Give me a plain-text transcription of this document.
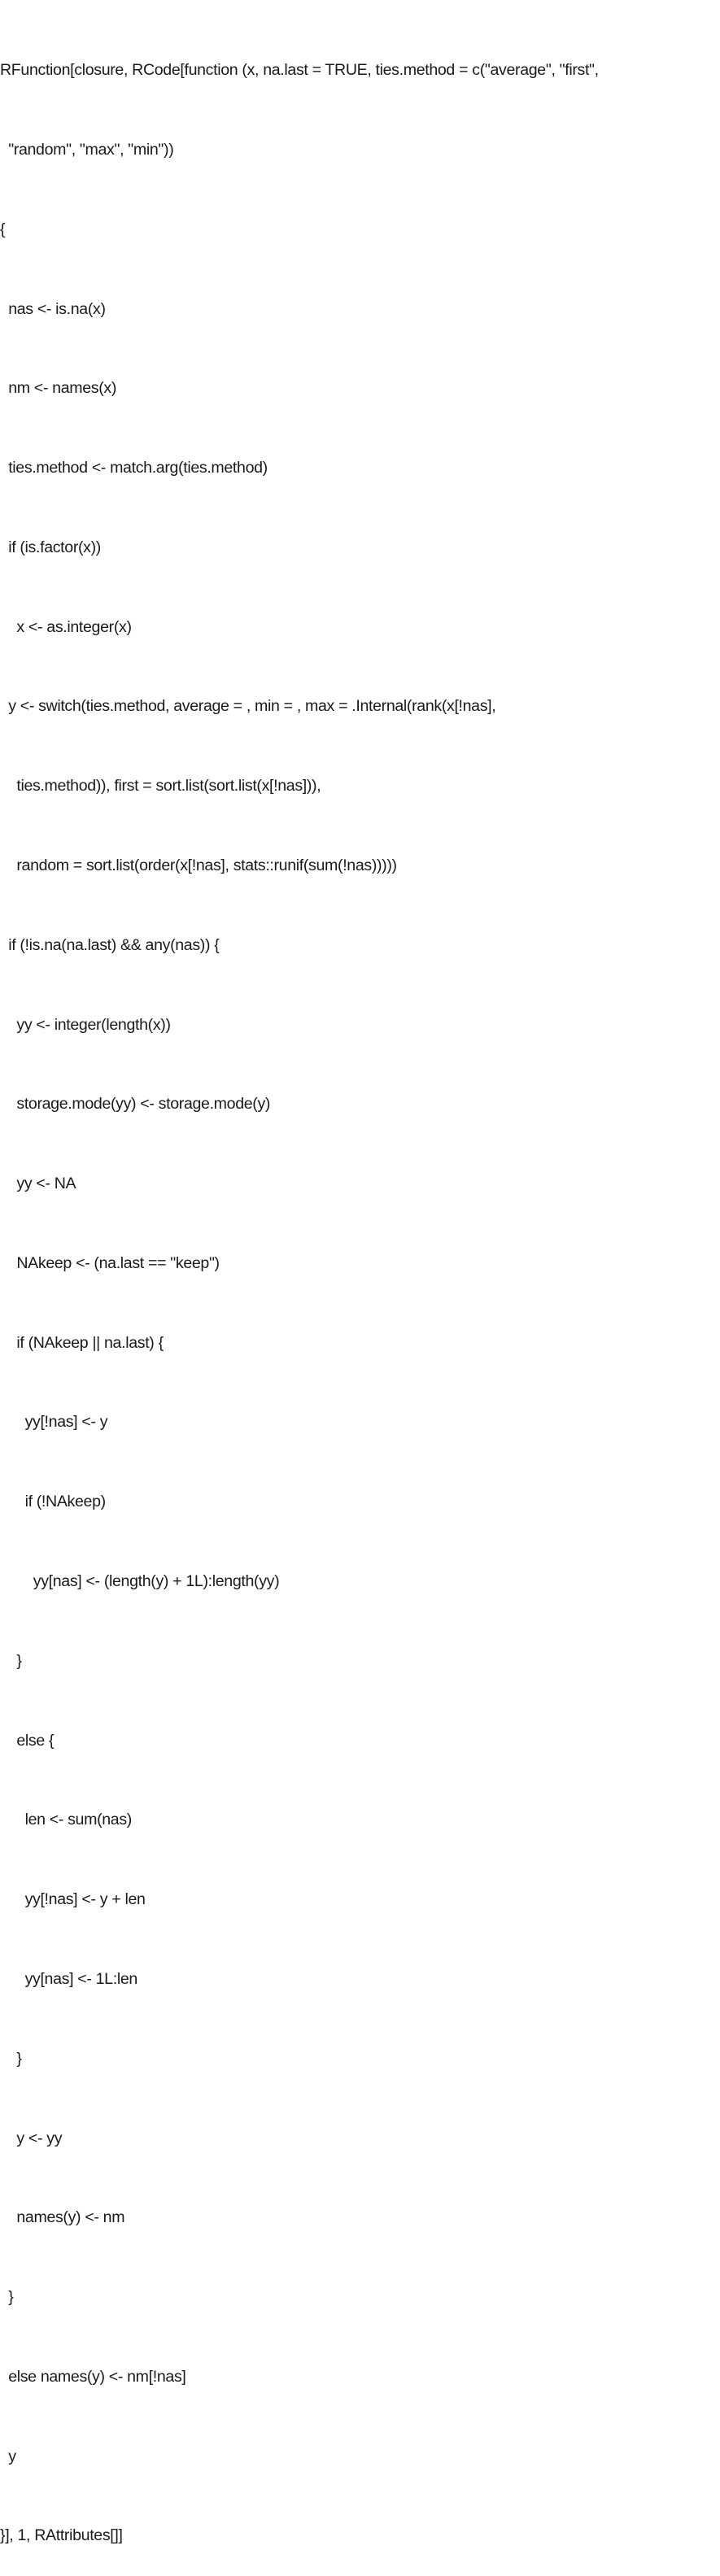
RFunction[closure, RCode[function (x, na.last = TRUE, ties.method = c("average", "first",

"random", "max", "min"))

{

nas <- is.na(x)

nm <- names(x)

ties.method <- match.arg(ties.method)

if (is.factor(x))

x <- as.integer(x)

y <- switch(ties.method, average = , min = , max = .Internal(rank(x[!nas],

ties.method)), first = sort.list(sort.list(x[!nas])),

random = sort.list(order(x[!nas], stats::runif(sum(!nas)))))

if (!is.na(na.last) && any(nas)) {

yy <- integer(length(x))

storage.mode(yy) <- storage.mode(y)

yy <- NA

NAkeep <- (na.last == "keep")

if (NAkeep || na.last) {

yy[!nas] <- y

if (!NAkeep)

yy[nas] <- (length(y) + 1L):length(yy)

}

else {

len <- sum(nas)

yy[!nas] <- y + len

yy[nas] <- 1L:len

}

y <- yy

names(y) <- nm

}

else names(y) <- nm[!nas]

y

}], 1, RAttributes[]]
